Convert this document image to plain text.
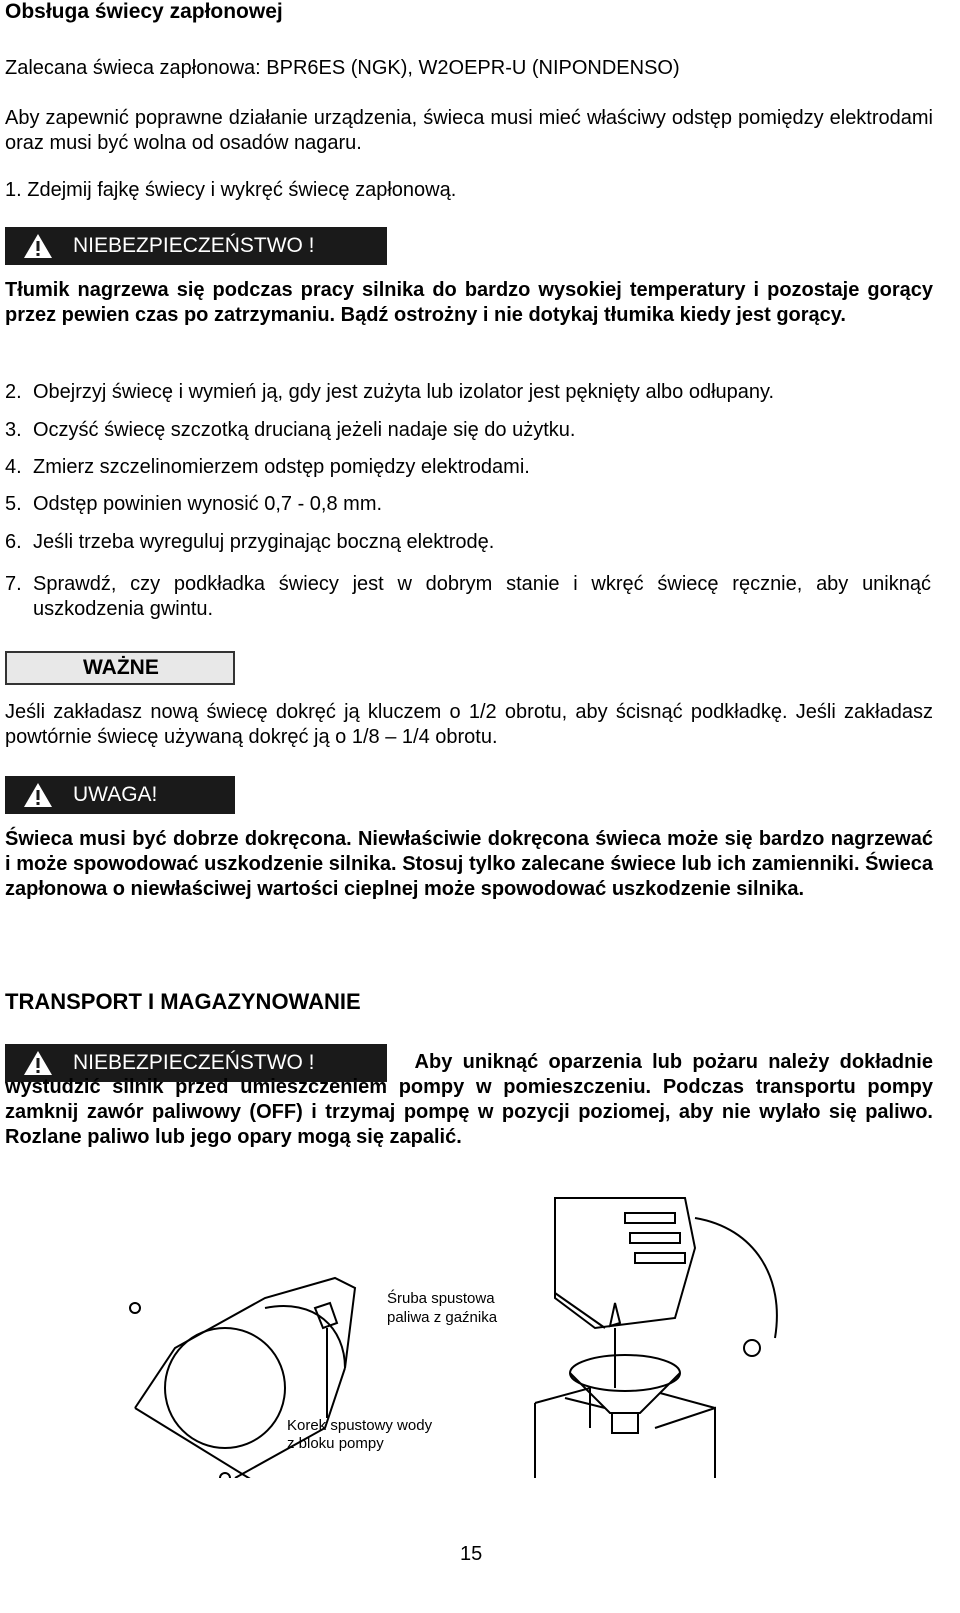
Obsługa świecy zapłonowej
Zalecana świeca zapłonowa: BPR6ES (NGK), W2OEPR-U (NIPONDENSO)
Aby zapewnić poprawne działanie urządzenia, świeca musi mieć właściwy odstęp pomiędzy elektrodami oraz musi być wolna od osadów nagaru.
1. Zdejmij fajkę świecy i wykręć świecę zapłonową.
NIEBEZPIECZEŃSTWO !
Tłumik nagrzewa się podczas pracy silnika do bardzo wysokiej temperatury i pozostaje gorący przez pewien czas po zatrzymaniu. Bądź ostrożny i nie dotykaj tłumika kiedy jest gorący.
2. Obejrzyj świecę i wymień ją, gdy jest zużyta lub izolator jest pęknięty albo odłupany.
3. Oczyść świecę szczotką drucianą jeżeli nadaje się do użytku.
4. Zmierz szczelinomierzem odstęp pomiędzy elektrodami.
5. Odstęp powinien wynosić 0,7 - 0,8 mm.
6. Jeśli trzeba wyreguluj przyginając boczną elektrodę.
7. Sprawdź, czy podkładka świecy jest w dobrym stanie i wkręć świecę ręcznie, aby uniknąć uszkodzenia gwintu.
WAŻNE
Jeśli zakładasz nową świecę dokręć ją kluczem o 1/2 obrotu, aby ścisnąć podkładkę. Jeśli zakładasz powtórnie świecę używaną dokręć ją o 1/8 – 1/4 obrotu.
UWAGA!
Świeca musi być dobrze dokręcona. Niewłaściwie dokręcona świeca może się bardzo nagrzewać i może spowodować uszkodzenie silnika. Stosuj tylko zalecane świece lub ich zamienniki. Świeca zapłonowa o niewłaściwej wartości cieplnej może spowodować uszkodzenie silnika.
TRANSPORT I MAGAZYNOWANIE
NIEBEZPIECZEŃSTWO !	Aby uniknąć oparzenia lub pożaru należy dokładnie wystudzić silnik przed umieszczeniem pompy w pomieszczeniu. Podczas transportu pompy zamknij zawór paliwowy (OFF) i trzymaj pompę w pozycji poziomej, aby nie wylało się paliwo. Rozlane paliwo lub jego opary mogą się zapalić.
Śruba spustowa
paliwa z gaźnika
Korek spustowy wody
z bloku pompy
15
